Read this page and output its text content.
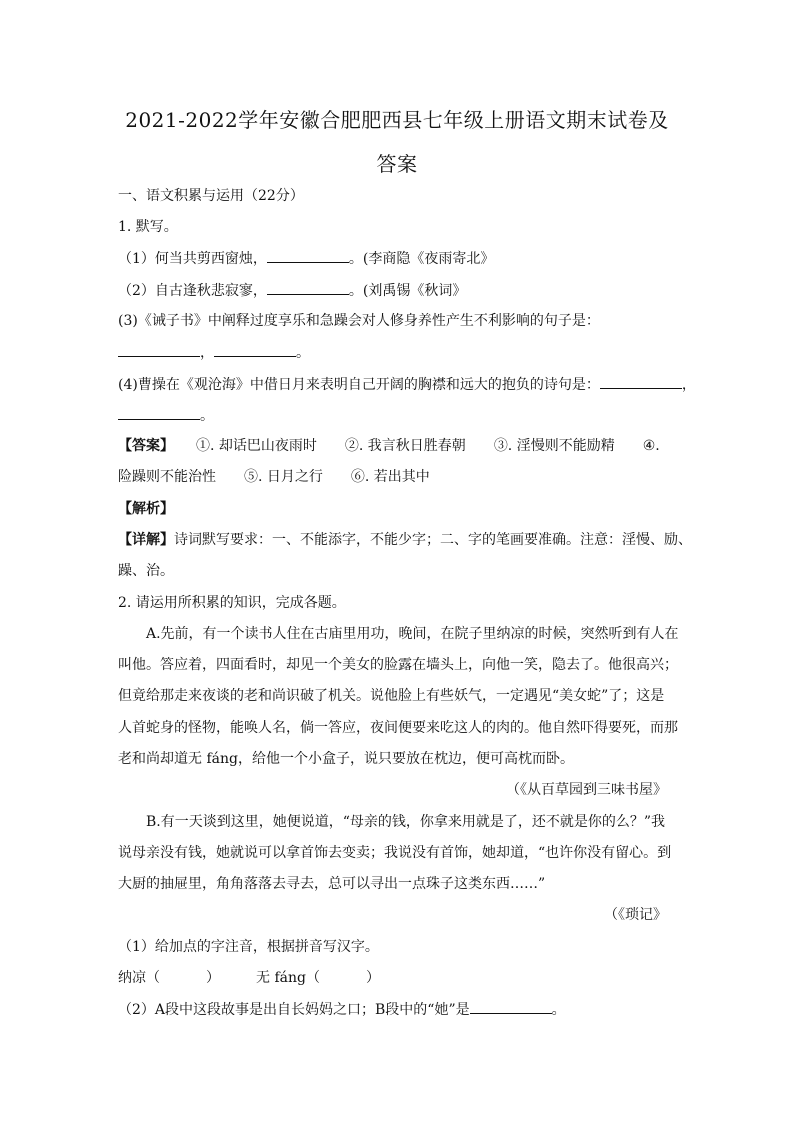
2021-2022学年安徽合肥肥西县七年级上册语文期末试卷及
答案
一、语文积累与运用（22分）
1. 默写。
（1）何当共剪西窗烛，	。(李商隐《夜雨寄北》
（2）自古逢秋悲寂寥，	。(刘禹锡《秋词》
(3)《诫子书》中阐释过度享乐和急躁会对人修身养性产生不利影响的句子是：
，	。
(4)曹操在《观沧海》中借日月来表明自己开阔的胸襟和远大的抱负的诗句是：	，
。
【答案】 ①. 却话巴山夜雨时 ②. 我言秋日胜春朝 ③. 淫慢则不能励精 ④.
险躁则不能治性 ⑤. 日月之行 ⑥. 若出其中
【解析】
【详解】诗词默写要求：一、不能添字，不能少字；二、字的笔画要准确。注意：淫慢、励、
躁、治。
2. 请运用所积累的知识，完成各题。
A.先前，有一个读书人住在古庙里用功，晚间，在院子里纳凉的时候，突然听到有人在
叫他。答应着，四面看时，却见一个美女的脸露在墙头上，向他一笑，隐去了。他很高兴；
但竟给那走来夜谈的老和尚识破了机关。说他脸上有些妖气，一定遇见“美女蛇”了；这是
人首蛇身的怪物，能唤人名，倘一答应，夜间便要来吃这人的肉的。他自然吓得要死，而那
老和尚却道无 fáng，给他一个小盒子，说只要放在枕边，便可高枕而卧。
（《从百草园到三味书屋》
B.有一天谈到这里，她便说道，“母亲的钱，你拿来用就是了，还不就是你的么？”我
说母亲没有钱，她就说可以拿首饰去变卖；我说没有首饰，她却道，“也许你没有留心。到
大厨的抽屉里，角角落落去寻去，总可以寻出一点珠子这类东西……”
（《琐记》
（1）给加点的字注音，根据拼音写汉字。
纳凉（	）	无 fáng（	）
（2）A段中这段故事是出自长妈妈之口；B段中的“她”是	。
